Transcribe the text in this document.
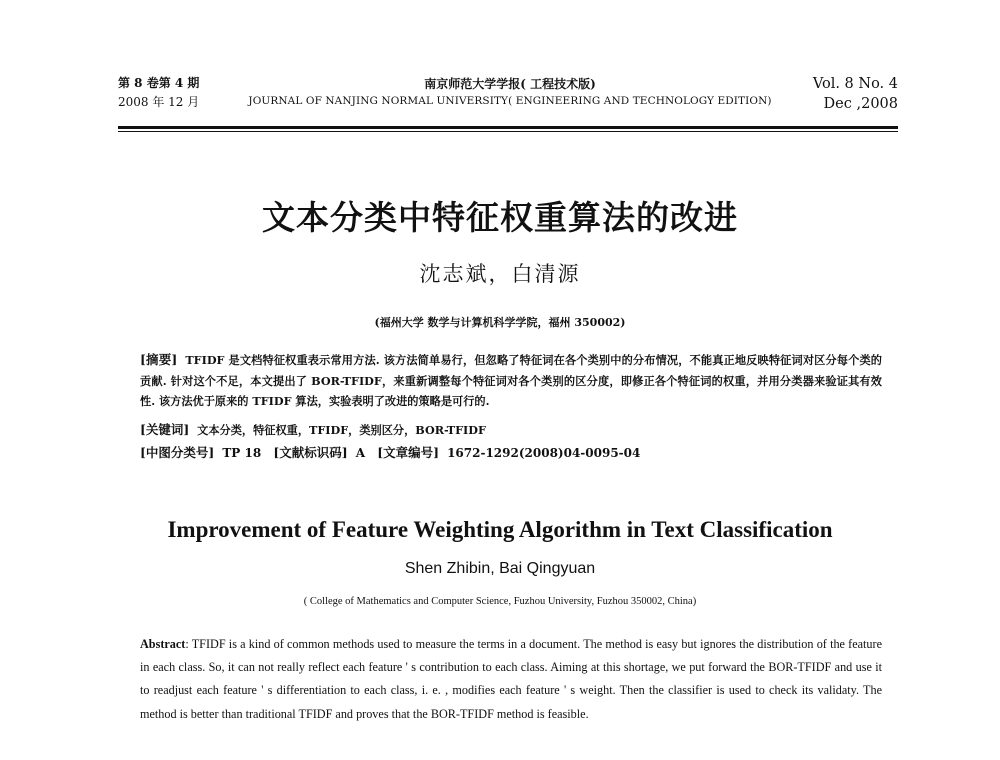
第 8 卷第 4 期
2008 年 12 月
南京师范大学学报( 工程技术版)
JOURNAL OF NANJING NORMAL UNIVERSITY( ENGINEERING AND TECHNOLOGY EDITION)
Vol. 8 No. 4
Dec ,2008
文本分类中特征权重算法的改进
沈志斌，白清源
(福州大学 数学与计算机科学学院，福州 350002)
[摘要] TFIDF 是文档特征权重表示常用方法. 该方法简单易行，但忽略了特征词在各个类别中的分布情况，不能真正地反映特征词对区分每个类的贡献. 针对这个不足，本文提出了 BOR-TFIDF，来重新调整每个特征词对各个类别的区分度，即修正各个特征词的权重，并用分类器来验证其有效性. 该方法优于原来的 TFIDF 算法，实验表明了改进的策略是可行的.
[关键词] 文本分类，特征权重，TFIDF，类别区分，BOR-TFIDF
[中图分类号] TP 18 [文献标识码] A [文章编号] 1672-1292(2008)04-0095-04
Improvement of Feature Weighting Algorithm in Text Classification
Shen Zhibin, Bai Qingyuan
( College of Mathematics and Computer Science, Fuzhou University, Fuzhou 350002, China)
Abstract: TFIDF is a kind of common methods used to measure the terms in a document. The method is easy but ignores the distribution of the feature in each class. So, it can not really reflect each feature ' s contribution to each class. Aiming at this shortage, we put forward the BOR-TFIDF and use it to readjust each feature ' s differentiation to each class, i. e. , modifies each feature ' s weight. Then the classifier is used to check its validaty. The method is better than traditional TFIDF and proves that the BOR-TFIDF method is feasible.
